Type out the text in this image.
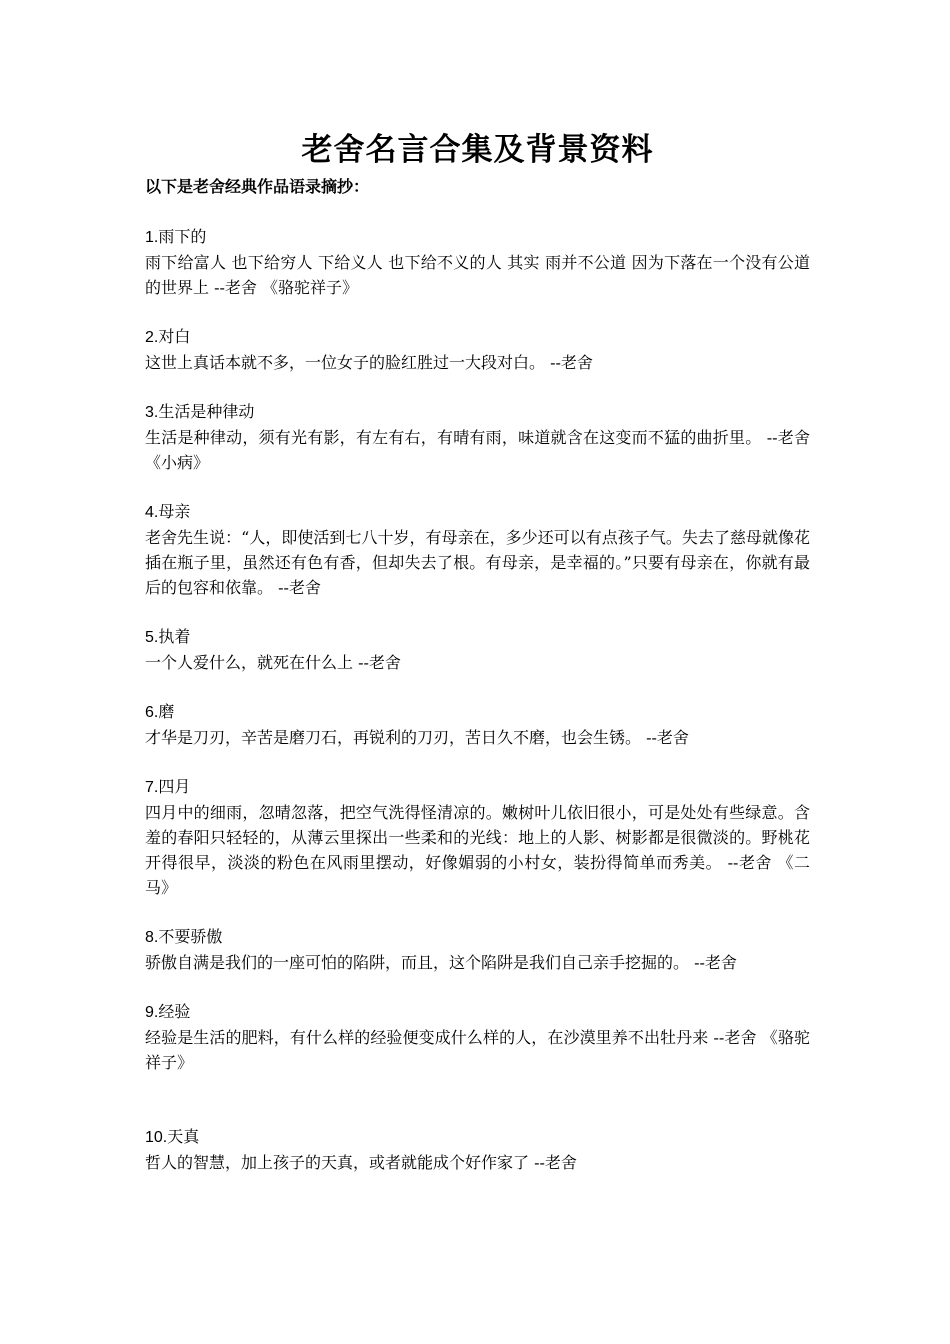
老舍名言合集及背景资料
以下是老舍经典作品语录摘抄：
1.雨下的
雨下给富人 也下给穷人 下给义人 也下给不义的人 其实 雨并不公道 因为下落在一个没有公道的世界上 --老舍 《骆驼祥子》
2.对白
这世上真话本就不多，一位女子的脸红胜过一大段对白。 --老舍
3.生活是种律动
生活是种律动，须有光有影，有左有右，有晴有雨，味道就含在这变而不猛的曲折里。 --老舍 《小病》
4.母亲
老舍先生说：“人，即使活到七八十岁，有母亲在，多少还可以有点孩子气。失去了慈母就像花插在瓶子里，虽然还有色有香，但却失去了根。有母亲，是幸福的。”只要有母亲在，你就有最后的包容和依靠。 --老舍
5.执着
一个人爱什么，就死在什么上 --老舍
6.磨
才华是刀刃，辛苦是磨刀石，再锐利的刀刃，苦日久不磨，也会生锈。 --老舍
7.四月
四月中的细雨，忽晴忽落，把空气洗得怪清凉的。嫩树叶儿依旧很小，可是处处有些绿意。含羞的春阳只轻轻的，从薄云里探出一些柔和的光线：地上的人影、树影都是很微淡的。野桃花开得很早，淡淡的粉色在风雨里摆动，好像媚弱的小村女，装扮得简单而秀美。 --老舍 《二马》
8.不要骄傲
骄傲自满是我们的一座可怕的陷阱，而且，这个陷阱是我们自己亲手挖掘的。 --老舍
9.经验
经验是生活的肥料，有什么样的经验便变成什么样的人，在沙漠里养不出牡丹来 --老舍 《骆驼祥子》
10.天真
哲人的智慧，加上孩子的天真，或者就能成个好作家了 --老舍
